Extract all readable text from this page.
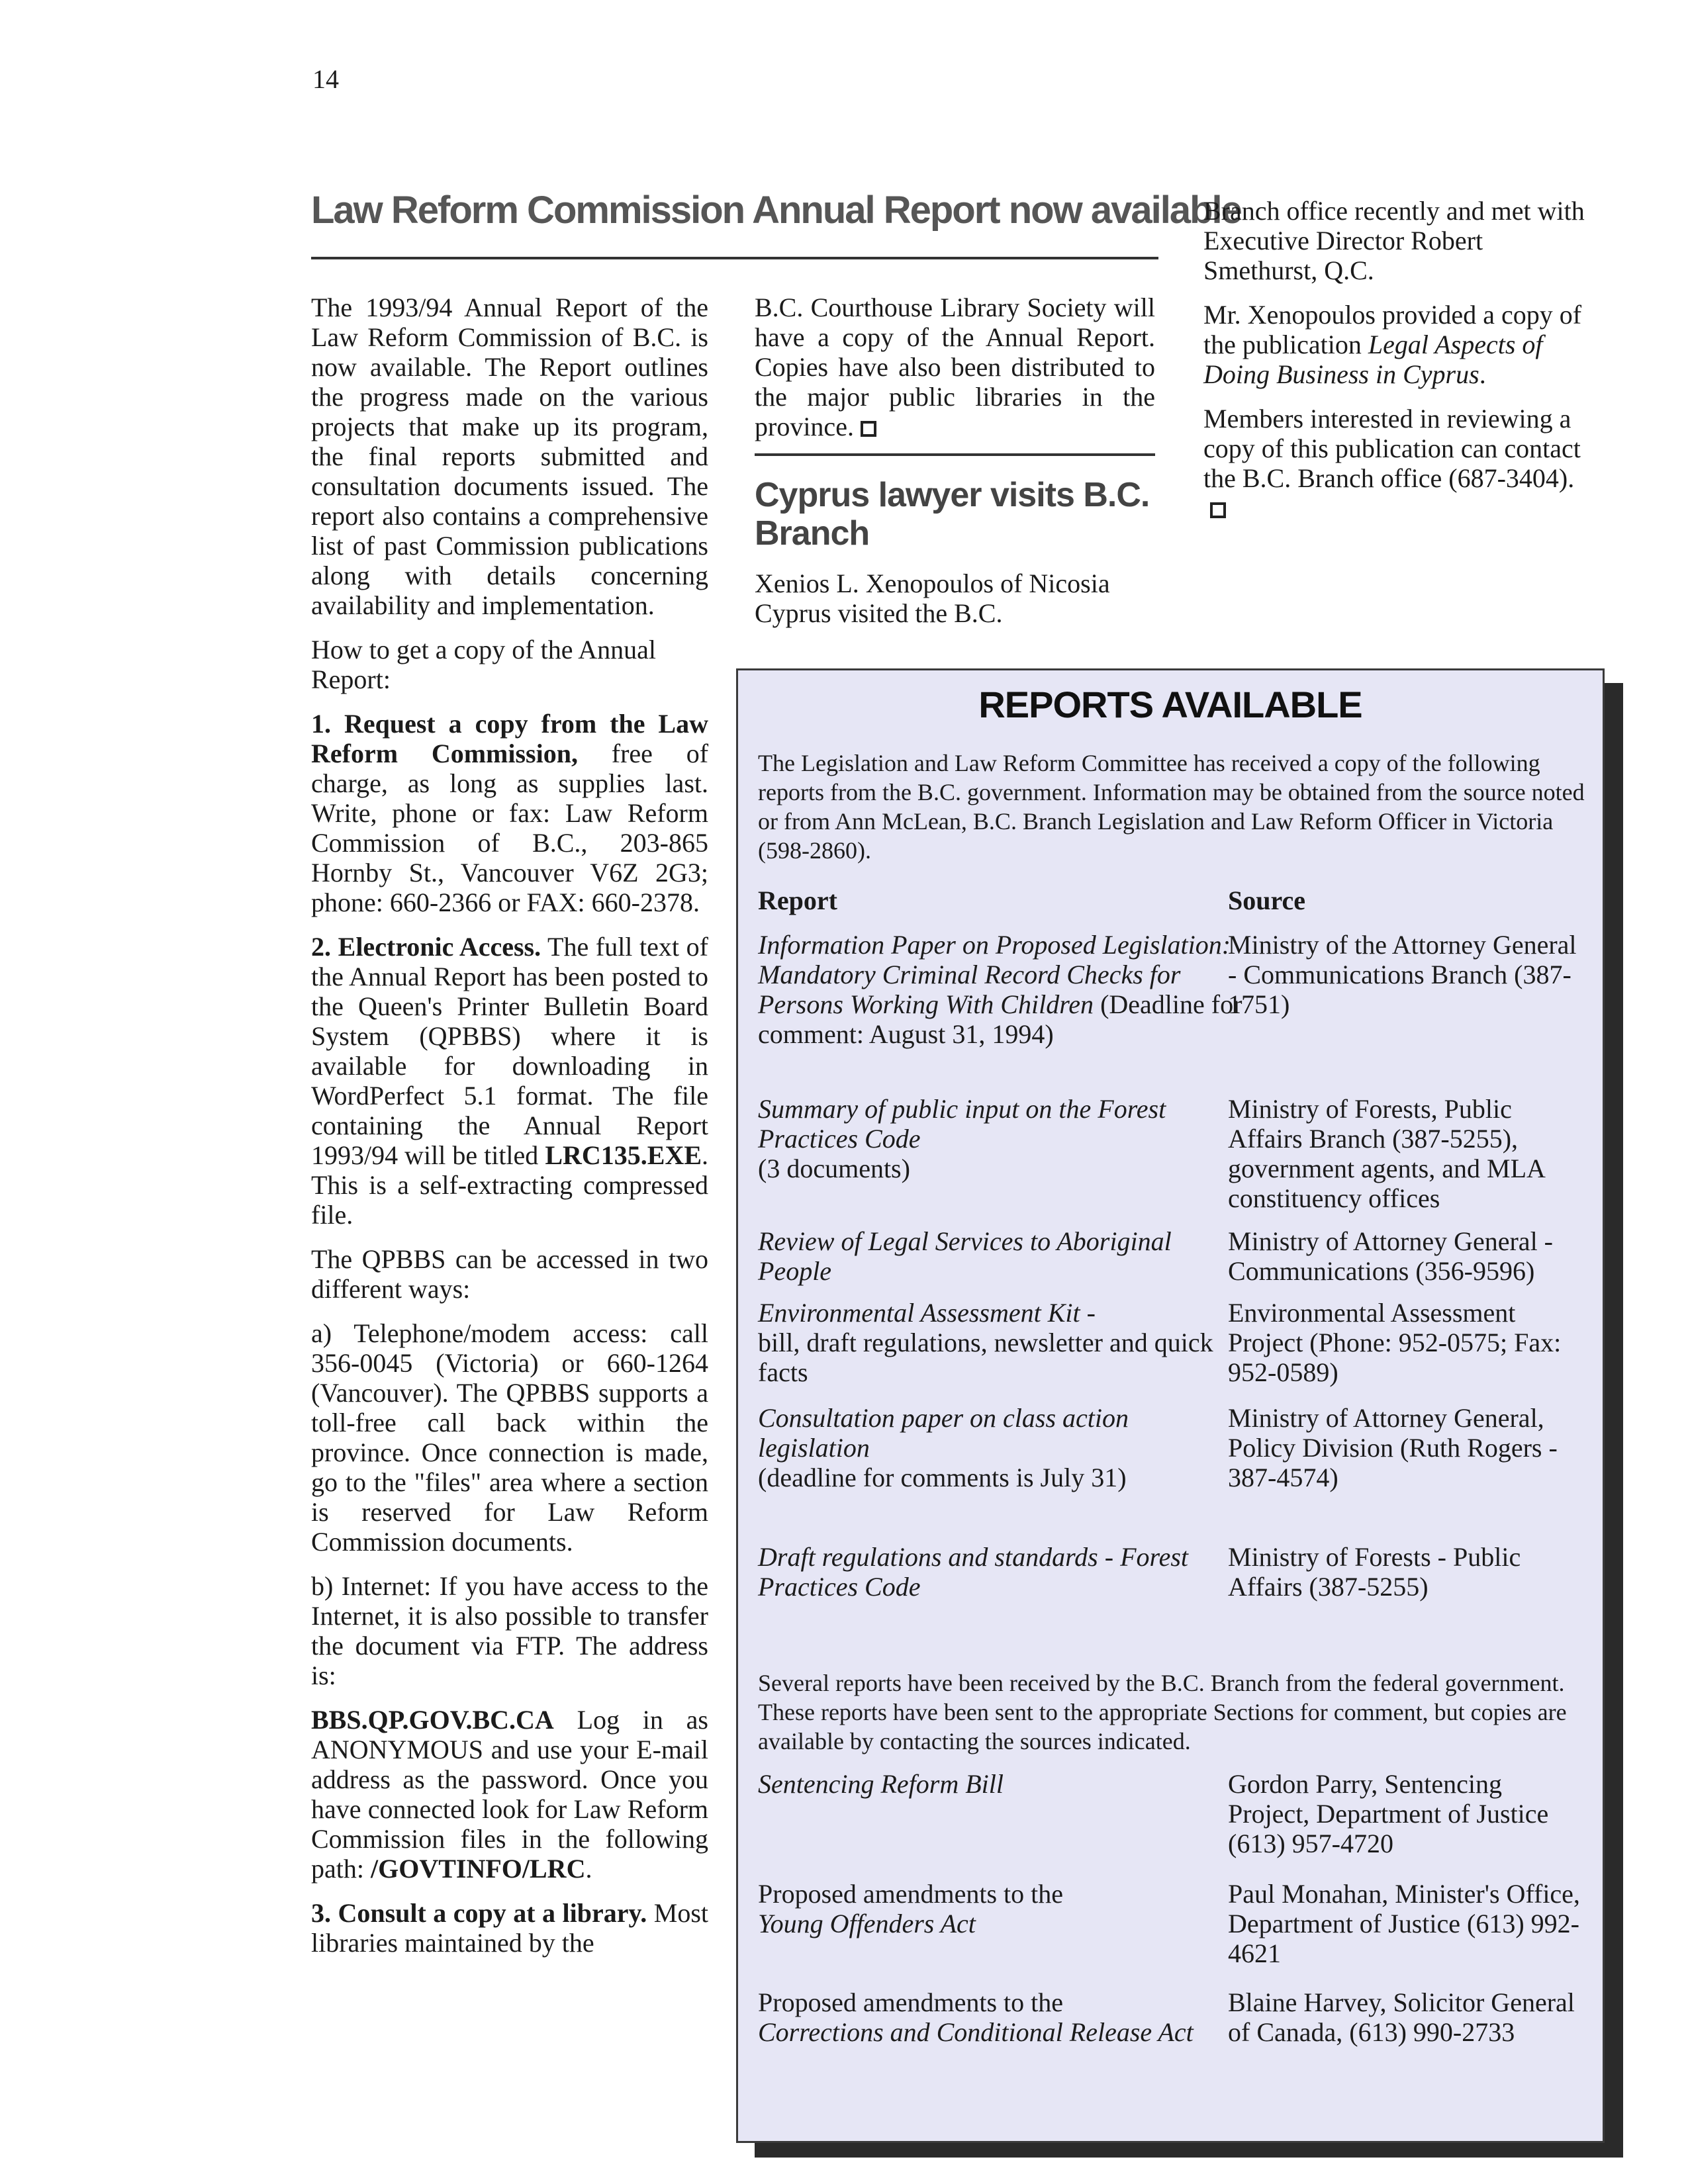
14
Law Reform Commission Annual Report now available

The 1993/94 Annual Report of the Law Reform Commission of B.C. is now available. The Report outlines the progress made on the various projects that make up its program, the final reports submitted and consultation documents issued. The report also contains a comprehensive list of past Commission publications along with details concerning availability and implementation.

How to get a copy of the Annual Report:

1. Request a copy from the Law Reform Commission, free of charge, as long as supplies last. Write, phone or fax: Law Reform Commission of B.C., 203-865 Hornby St., Vancouver V6Z 2G3; phone: 660-2366 or FAX: 660-2378.

2. Electronic Access. The full text of the Annual Report has been posted to the Queen's Printer Bulletin Board System (QPBBS) where it is available for downloading in WordPerfect 5.1 format. The file containing the Annual Report 1993/94 will be titled LRC135.EXE. This is a self-extracting compressed file.

The QPBBS can be accessed in two different ways:

a) Telephone/modem access: call 356-0045 (Victoria) or 660-1264 (Vancouver). The QPBBS supports a toll-free call back within the province. Once connection is made, go to the "files" area where a section is reserved for Law Reform Commission documents.

b) Internet: If you have access to the Internet, it is also possible to transfer the document via FTP. The address is:

BBS.QP.GOV.BC.CA Log in as ANONYMOUS and use your E-mail address as the password. Once you have connected look for Law Reform Commission files in the following path: /GOVTINFO/LRC.

3. Consult a copy at a library. Most libraries maintained by the

B.C. Courthouse Library Society will have a copy of the Annual Report. Copies have also been distributed to the major public libraries in the province.

Cyprus lawyer visits B.C. Branch

Xenios L. Xenopoulos of Nicosia Cyprus visited the B.C.

Branch office recently and met with Executive Director Robert Smethurst, Q.C.

Mr. Xenopoulos provided a copy of the publication Legal Aspects of Doing Business in Cyprus.

Members interested in reviewing a copy of this publication can contact the B.C. Branch office (687-3404).

REPORTS AVAILABLE
The Legislation and Law Reform Committee has received a copy of the following reports from the B.C. government. Information may be obtained from the source noted or from Ann McLean, B.C. Branch Legislation and Law Reform Officer in Victoria (598-2860).
Report	Source
Information Paper on Proposed Legislation: Mandatory Criminal Record Checks for Persons Working With Children (Deadline for comment: August 31, 1994)
Ministry of the Attorney General - Communications Branch (387-1751)
Summary of public input on the Forest Practices Code
(3 documents)
Ministry of Forests, Public Affairs Branch (387-5255), government agents, and MLA constituency offices
Review of Legal Services to Aboriginal People
Ministry of Attorney General - Communications (356-9596)
Environmental Assessment Kit -
bill, draft regulations, newsletter and quick facts
Environmental Assessment Project (Phone: 952-0575; Fax: 952-0589)
Consultation paper on class action legislation
(deadline for comments is July 31)
Ministry of Attorney General, Policy Division (Ruth Rogers - 387-4574)
Draft regulations and standards - Forest Practices Code
Ministry of Forests - Public Affairs (387-5255)
Several reports have been received by the B.C. Branch from the federal government. These reports have been sent to the appropriate Sections for comment, but copies are available by contacting the sources indicated.
Sentencing Reform Bill	Gordon Parry, Sentencing Project, Department of Justice (613) 957-4720
Proposed amendments to the
Young Offenders Act
Paul Monahan, Minister's Office, Department of Justice (613) 992-4621
Proposed amendments to the
Corrections and Conditional Release Act
Blaine Harvey, Solicitor General of Canada, (613) 990-2733
